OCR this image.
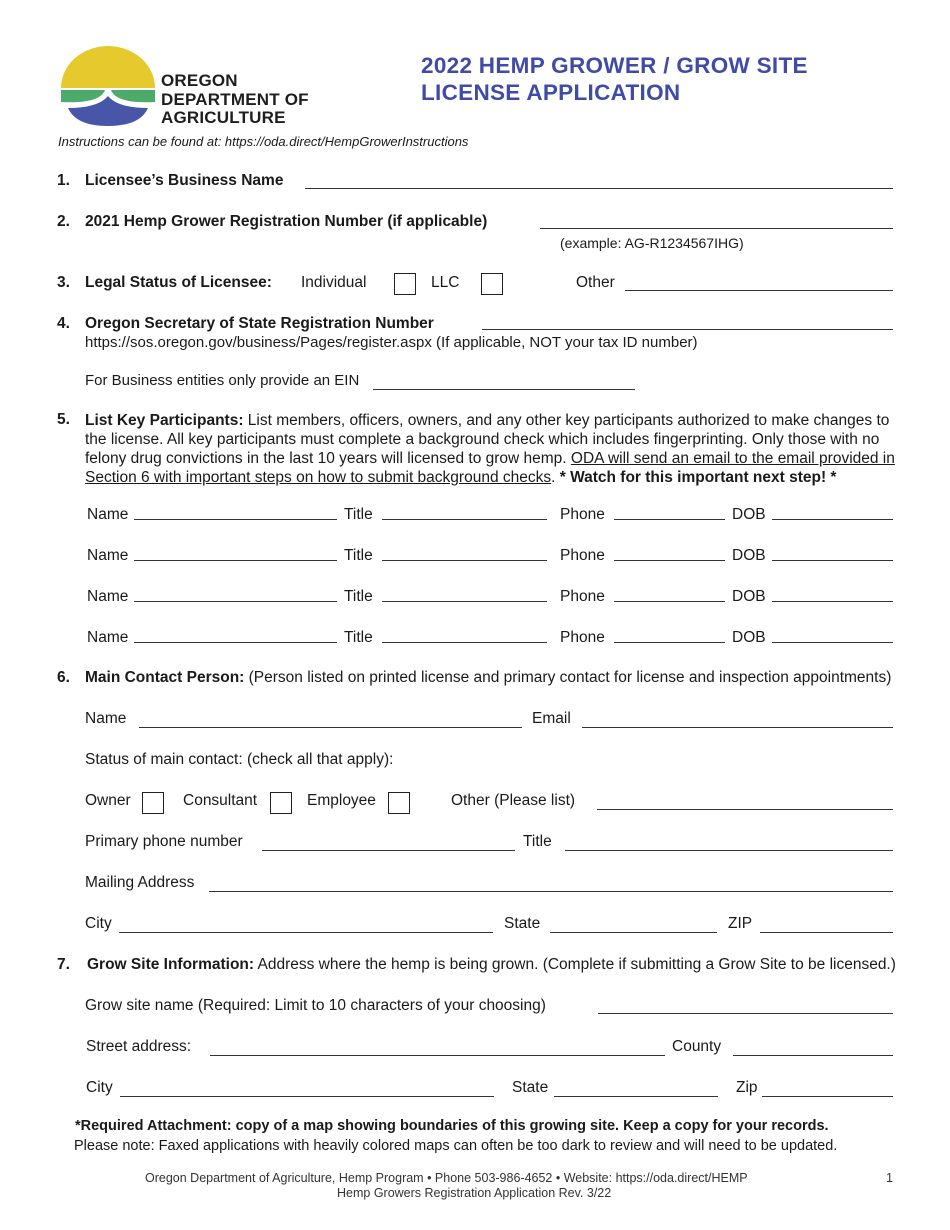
OREGON
DEPARTMENT OF
AGRICULTURE
2022 HEMP GROWER / GROW SITE
LICENSE APPLICATION
Instructions can be found at: https://oda.direct/HempGrowerInstructions
1. Licensee’s Business Name
2. 2021 Hemp Grower Registration Number (if applicable)
(example: AG-R1234567IHG)
3. Legal Status of Licensee: Individual	LLC	Other
4. Oregon Secretary of State Registration Number
https://sos.oregon.gov/business/Pages/register.aspx (If applicable, NOT your tax ID number)
For Business entities only provide an EIN
5. List Key Participants: List members, officers, owners, and any other key participants authorized to make changes to the license. All key participants must complete a background check which includes fingerprinting. Only those with no felony drug convictions in the last 10 years will licensed to grow hemp. ODA will send an email to the email provided in Section 6 with important steps on how to submit background checks. * Watch for this important next step! *
Name	Title	Phone	DOB
Name	Title	Phone	DOB
Name	Title	Phone	DOB
Name	Title	Phone	DOB
6. Main Contact Person: (Person listed on printed license and primary contact for license and inspection appointments)
Name	Email
Status of main contact: (check all that apply):
Owner	Consultant	Employee	Other (Please list)
Primary phone number	Title
Mailing Address
City	State	ZIP
7. Grow Site Information: Address where the hemp is being grown. (Complete if submitting a Grow Site to be licensed.)
Grow site name (Required: Limit to 10 characters of your choosing)
Street address:	County
City	State	Zip
*Required Attachment: copy of a map showing boundaries of this growing site. Keep a copy for your records.
Please note: Faxed applications with heavily colored maps can often be too dark to review and will need to be updated.
Oregon Department of Agriculture, Hemp Program • Phone 503-986-4652 • Website: https://oda.direct/HEMP
Hemp Growers Registration Application Rev. 3/22
1
